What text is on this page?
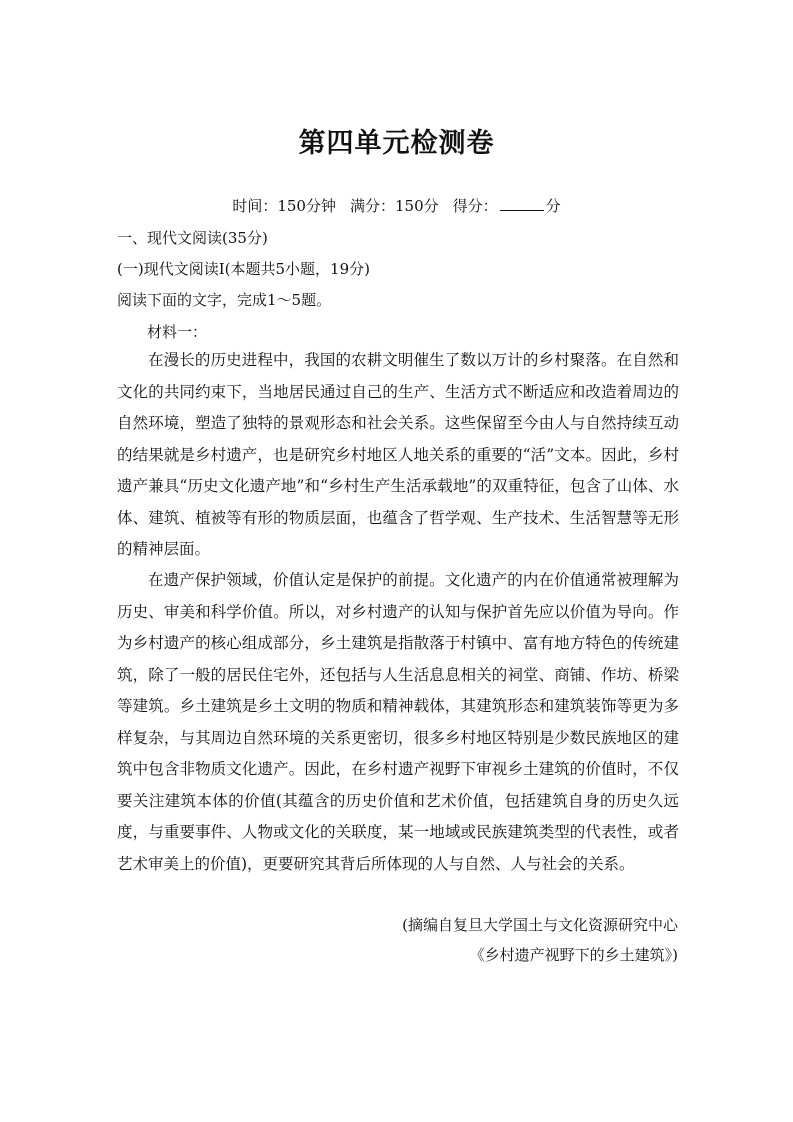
第四单元检测卷
时间：150分钟 满分：150分 得分：	分
一、现代文阅读(35分)
(一)现代文阅读Ⅰ(本题共5小题，19分)
阅读下面的文字，完成1～5题。
材料一：

在漫长的历史进程中，我国的农耕文明催生了数以万计的乡村聚落。在自然和文化的共同约束下，当地居民通过自己的生产、生活方式不断适应和改造着周边的自然环境，塑造了独特的景观形态和社会关系。这些保留至今由人与自然持续互动的结果就是乡村遗产，也是研究乡村地区人地关系的重要的“活”文本。因此，乡村遗产兼具“历史文化遗产地”和“乡村生产生活承载地”的双重特征，包含了山体、水体、建筑、植被等有形的物质层面，也蕴含了哲学观、生产技术、生活智慧等无形的精神层面。

在遗产保护领域，价值认定是保护的前提。文化遗产的内在价值通常被理解为历史、审美和科学价值。所以，对乡村遗产的认知与保护首先应以价值为导向。作为乡村遗产的核心组成部分，乡土建筑是指散落于村镇中、富有地方特色的传统建筑，除了一般的居民住宅外，还包括与人生活息息相关的祠堂、商铺、作坊、桥梁等建筑。乡土建筑是乡土文明的物质和精神载体，其建筑形态和建筑装饰等更为多样复杂，与其周边自然环境的关系更密切，很多乡村地区特别是少数民族地区的建筑中包含非物质文化遗产。因此，在乡村遗产视野下审视乡土建筑的价值时，不仅要关注建筑本体的价值(其蕴含的历史价值和艺术价值，包括建筑自身的历史久远度，与重要事件、人物或文化的关联度，某一地域或民族建筑类型的代表性，或者艺术审美上的价值)，更要研究其背后所体现的人与自然、人与社会的关系。

(摘编自复旦大学国土与文化资源研究中心
《乡村遗产视野下的乡土建筑》)
